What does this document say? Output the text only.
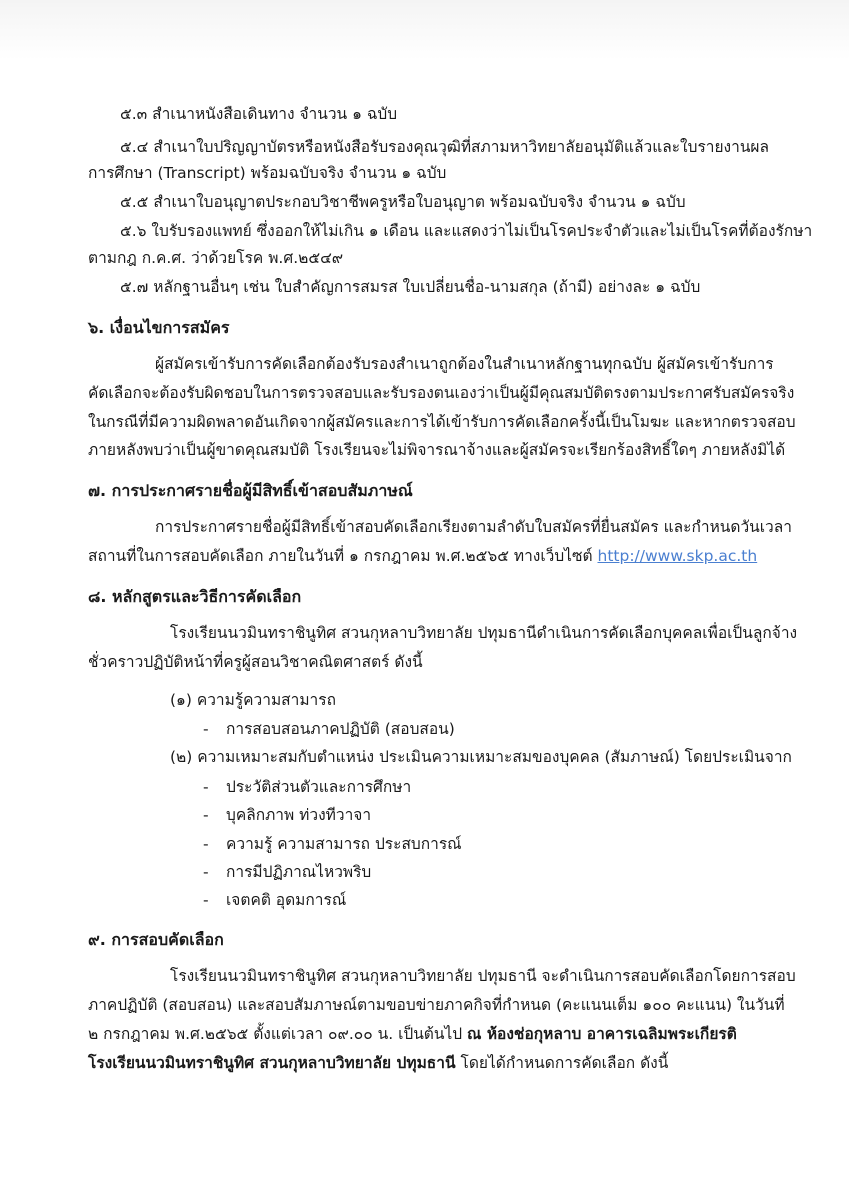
๕.๓ สำเนาหนังสือเดินทาง จำนวน ๑ ฉบับ
๕.๔ สำเนาใบปริญญาบัตรหรือหนังสือรับรองคุณวุฒิที่สภามหาวิทยาลัยอนุมัติแล้วและใบรายงานผล
การศึกษา (Transcript) พร้อมฉบับจริง จำนวน ๑ ฉบับ
๕.๕ สำเนาใบอนุญาตประกอบวิชาชีพครูหรือใบอนุญาต พร้อมฉบับจริง จำนวน ๑ ฉบับ
๕.๖ ใบรับรองแพทย์ ซึ่งออกให้ไม่เกิน ๑ เดือน และแสดงว่าไม่เป็นโรคประจำตัวและไม่เป็นโรคที่ต้องรักษา
ตามกฎ ก.ค.ศ. ว่าด้วยโรค พ.ศ.๒๕๔๙
๕.๗ หลักฐานอื่นๆ เช่น ใบสำคัญการสมรส ใบเปลี่ยนชื่อ-นามสกุล (ถ้ามี) อย่างละ ๑ ฉบับ
๖. เงื่อนไขการสมัคร
ผู้สมัครเข้ารับการคัดเลือกต้องรับรองสำเนาถูกต้องในสำเนาหลักฐานทุกฉบับ ผู้สมัครเข้ารับการ
คัดเลือกจะต้องรับผิดชอบในการตรวจสอบและรับรองตนเองว่าเป็นผู้มีคุณสมบัติตรงตามประกาศรับสมัครจริง
ในกรณีที่มีความผิดพลาดอันเกิดจากผู้สมัครและการได้เข้ารับการคัดเลือกครั้งนี้เป็นโมฆะ และหากตรวจสอบ
ภายหลังพบว่าเป็นผู้ขาดคุณสมบัติ โรงเรียนจะไม่พิจารณาจ้างและผู้สมัครจะเรียกร้องสิทธิ์ใดๆ ภายหลังมิได้
๗. การประกาศรายชื่อผู้มีสิทธิ์เข้าสอบสัมภาษณ์
การประกาศรายชื่อผู้มีสิทธิ์เข้าสอบคัดเลือกเรียงตามลำดับใบสมัครที่ยื่นสมัคร และกำหนดวันเวลา
สถานที่ในการสอบคัดเลือก ภายในวันที่ ๑ กรกฎาคม พ.ศ.๒๕๖๕ ทางเว็บไซต์ http://www.skp.ac.th
๘. หลักสูตรและวิธีการคัดเลือก
โรงเรียนนวมินทราชินูทิศ สวนกุหลาบวิทยาลัย ปทุมธานีดำเนินการคัดเลือกบุคคลเพื่อเป็นลูกจ้าง
ชั่วคราวปฏิบัติหน้าที่ครูผู้สอนวิชาคณิตศาสตร์ ดังนี้
(๑) ความรู้ความสามารถ
- การสอบสอนภาคปฏิบัติ (สอบสอน)
(๒) ความเหมาะสมกับตำแหน่ง ประเมินความเหมาะสมของบุคคล (สัมภาษณ์) โดยประเมินจาก
- ประวัติส่วนตัวและการศึกษา
- บุคลิกภาพ ท่วงทีวาจา
- ความรู้ ความสามารถ ประสบการณ์
- การมีปฏิภาณไหวพริบ
- เจตคติ อุดมการณ์
๙. การสอบคัดเลือก
โรงเรียนนวมินทราชินูทิศ สวนกุหลาบวิทยาลัย ปทุมธานี จะดำเนินการสอบคัดเลือกโดยการสอบ
ภาคปฏิบัติ (สอบสอน) และสอบสัมภาษณ์ตามขอบข่ายภาคกิจที่กำหนด (คะแนนเต็ม ๑๐๐ คะแนน) ในวันที่
๒ กรกฎาคม พ.ศ.๒๕๖๕ ตั้งแต่เวลา ๐๙.๐๐ น. เป็นต้นไป ณ ห้องช่อกุหลาบ อาคารเฉลิมพระเกียรติ
โรงเรียนนวมินทราชินูทิศ สวนกุหลาบวิทยาลัย ปทุมธานี โดยได้กำหนดการคัดเลือก ดังนี้
